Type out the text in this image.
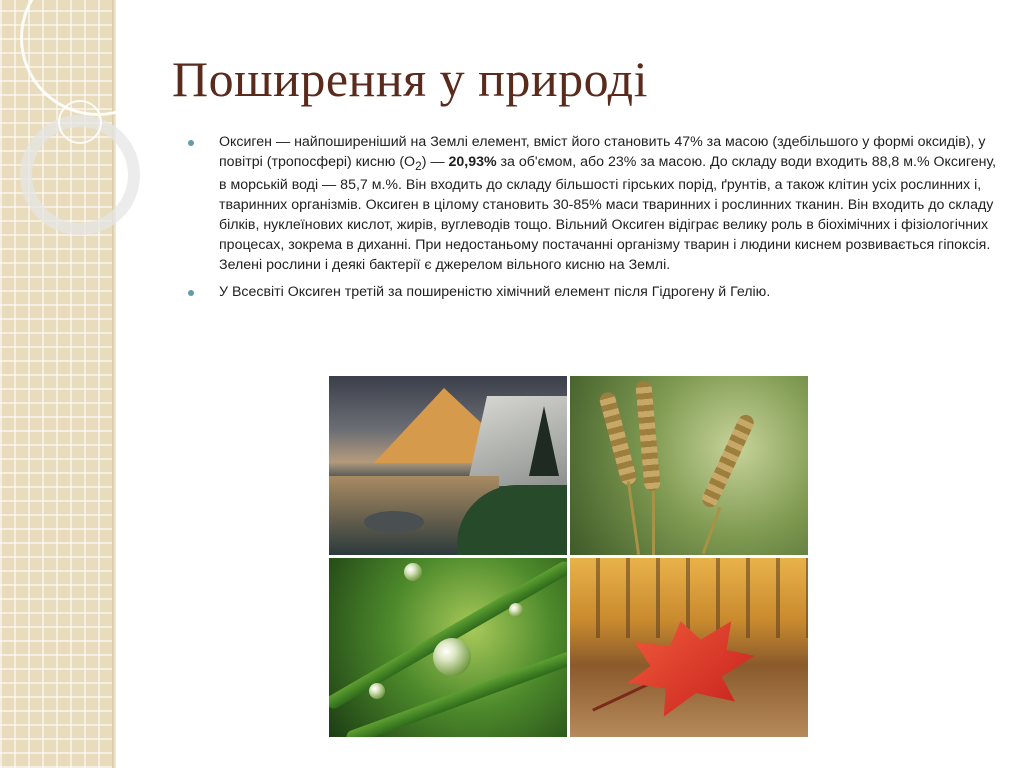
Поширення у природі
Оксиген — найпоширеніший на Землі елемент, вміст його становить 47% за масою (здебільшого у формі оксидів), у повітрі (тропосфері) кисню $(O_2)$ — 20,93% за об'ємом, або 23% за масою. До складу води входить 88,8 м.% Оксигену, в морській воді — 85,7 м.%. Він входить до складу більшості гірських порід, ґрунтів, а також клітин усіх рослинних і, тваринних організмів. Оксиген в цілому становить 30-85% маси тваринних і рослинних тканин. Він входить до складу білків, нуклеїнових кислот, жирів, вуглеводів тощо. Вільний Оксиген відіграє велику роль в біохімічних і фізіологічних процесах, зокрема в диханні. При недостаньому постачанні організму тварин і людини киснем розвивається гіпоксія. Зелені рослини і деякі бактерії є джерелом вільного кисню на Землі.
У Всесвіті Оксиген третій за поширеністю хімічний елемент після Гідрогену й Гелію.
